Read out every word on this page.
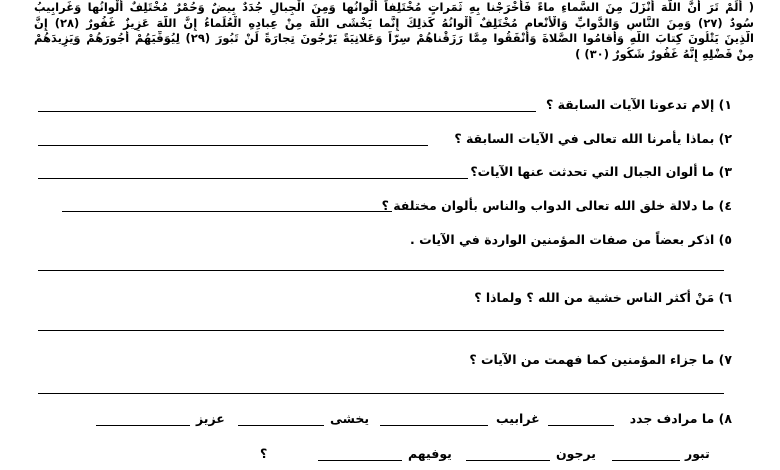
( أَلَمْ تَرَ أَنَّ اللَّهَ أَنْزَلَ مِنَ السَّماءِ ماءً فَأَخْرَجْنا بِهِ ثَمَراتٍ مُخْتَلِفاً أَلْوانُها وَمِنَ الْجِبالِ جُدَدٌ بِيضٌ وَحُمْرٌ مُخْتَلِفٌ أَلْوانُها وَغَرابِيبُ
سُودٌ (٢٧) وَمِنَ النَّاسِ وَالدَّوابِّ وَالْأَنْعامِ مُخْتَلِفٌ أَلْوانُهُ كَذلِكَ إِنَّما يَخْشَى اللَّهَ مِنْ عِبادِهِ الْعُلَماءُ إِنَّ اللَّهَ عَزِيزٌ غَفُورٌ (٢٨) إِنَّ
الَّذِينَ يَتْلُونَ كِتابَ اللَّهِ وَأَقامُوا الصَّلاةَ وَأَنْفَقُوا مِمَّا رَزَقْناهُمْ سِرّاً وَعَلانِيَةً يَرْجُونَ تِجارَةً لَنْ تَبُورَ (٢٩) لِيُوَفِّيَهُمْ أُجُورَهُمْ وَيَزِيدَهُمْ
مِنْ فَضْلِهِ إِنَّهُ غَفُورٌ شَكُورٌ (٣٠) )
١) إلام تدعونا الآيات السابقة ؟
٢) بماذا يأمرنا الله تعالى في الآيات السابقة ؟
٣) ما ألوان الجبال التي تحدثت عنها الآيات؟
٤) ما دلالة خلق الله تعالى الدواب والناس بألوان مختلفة ؟
٥) اذكر بعضاً من صفات المؤمنين الواردة في الآيات .
٦) مَنْ أكثر الناس خشية من الله ؟ ولماذا ؟
٧) ما جزاء المؤمنين كما فهمت من الآيات ؟
٨) ما مرادف جدد
غرابيب
يخشى
عزيز
تبور
يرجون
يوفيهم
؟
